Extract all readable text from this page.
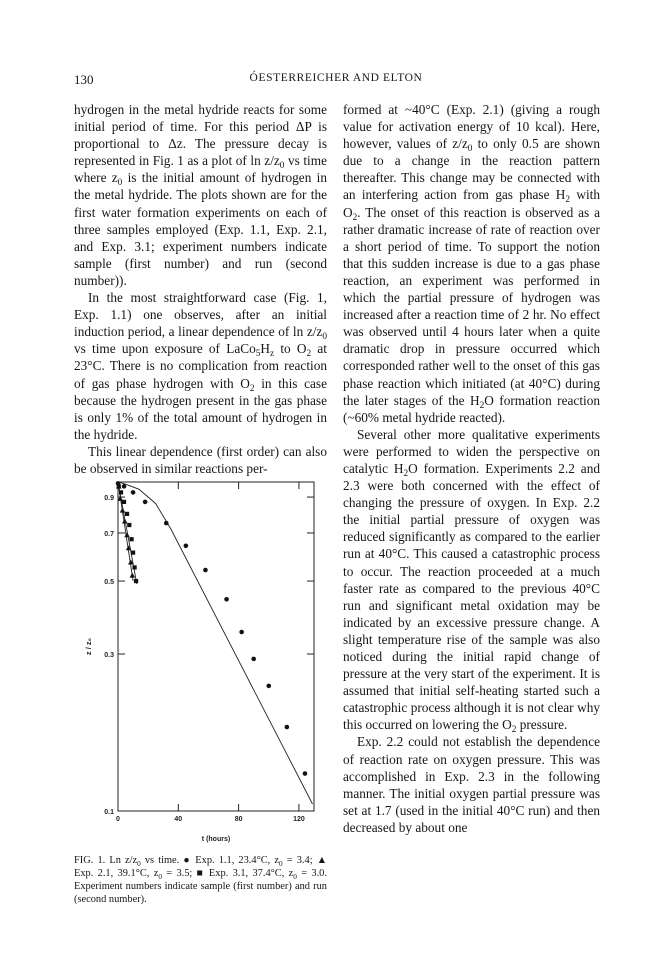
130	ÓESTERREICHER AND ELTON

hydrogen in the metal hydride reacts for some initial period of time. For this period ΔP is proportional to Δz. The pressure decay is represented in Fig. 1 as a plot of $\ln z/z_0$ vs time where $z_0$ is the initial amount of hydrogen in the metal hydride. The plots shown are for the first water formation experiments on each of three samples employed (Exp. 1.1, Exp. 2.1, and Exp. 3.1; experiment numbers indicate sample (first number) and run (second number)).

In the most straightforward case (Fig. 1, Exp. 1.1) one observes, after an initial induction period, a linear dependence of $\ln z/z_0$ vs time upon exposure of $LaCo_5H_z$ to $O_2$ at 23°C. There is no complication from reaction of gas phase hydrogen with $O_2$ in this case because the hydrogen present in the gas phase is only 1% of the total amount of hydrogen in the hydride.

This linear dependence (first order) can also be observed in similar reactions per-

formed at ~40°C (Exp. 2.1) (giving a rough value for activation energy of 10 kcal). Here, however, values of $z/z_0$ to only 0.5 are shown due to a change in the reaction pattern thereafter. This change may be connected with an interfering action from gas phase $H_2$ with $O_2$. The onset of this reaction is observed as a rather dramatic increase of rate of reaction over a short period of time. To support the notion that this sudden increase is due to a gas phase reaction, an experiment was performed in which the partial pressure of hydrogen was increased after a reaction time of 2 hr. No effect was observed until 4 hours later when a quite dramatic drop in pressure occurred which corresponded rather well to the onset of this gas phase reaction which initiated (at 40°C) during the later stages of the $H_2O$ formation reaction (~60% metal hydride reacted).

Several other more qualitative experiments were performed to widen the perspective on catalytic $H_2O$ formation. Experiments 2.2 and 2.3 were both concerned with the effect of changing the pressure of oxygen. In Exp. 2.2 the initial partial pressure of oxygen was reduced significantly as compared to the earlier run at 40°C. This caused a catastrophic process to occur. The reaction proceeded at a much faster rate as compared to the previous 40°C run and significant metal oxidation may be indicated by an excessive pressure change. A slight temperature rise of the sample was also noticed during the initial rapid change of pressure at the very start of the experiment. It is assumed that initial self-heating started such a catastrophic process although it is not clear why this occurred on lowering the $O_2$ pressure.

Exp. 2.2 could not establish the dependence of reaction rate on oxygen pressure. This was accomplished in Exp. 2.3 in the following manner. The initial oxygen partial pressure was set at 1.7 (used in the initial 40°C run) and then decreased by about one

0.1
0.3
0.5
0.7
0.9
0	40	80	120
t (hours)
z / z₀
FIG. 1. Ln $z/z_0$ vs time. ● Exp. 1.1, 23.4°C, $z_0 = 3.4$; ▲ Exp. 2.1, 39.1°C, $z_0 = 3.5$; ■ Exp. 3.1, 37.4°C, $z_0 = 3.0$. Experiment numbers indicate sample (first number) and run (second number).
